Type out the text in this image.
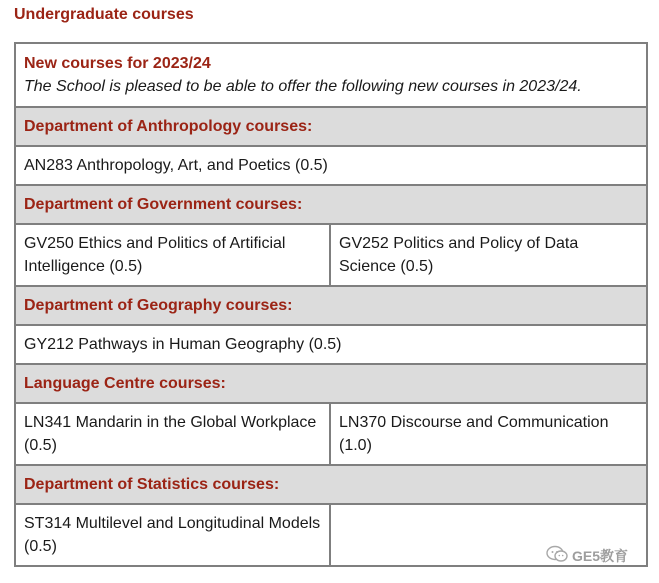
Undergraduate courses
New courses for 2023/24
The School is pleased to be able to offer the following new courses in 2023/24.	

Department of Anthropology courses:	
AN283 Anthropology, Art, and Poetics (0.5)	
Department of Government courses:	
GV250 Ethics and Politics of Artificial Intelligence (0.5)	GV252 Politics and Policy of Data Science (0.5)
Department of Geography courses:	
GY212 Pathways in Human Geography (0.5)	
Language Centre courses:	
LN341 Mandarin in the Global Workplace (0.5)	LN370 Discourse and Communication (1.0)
Department of Statistics courses:	
ST314 Multilevel and Longitudinal Models (0.5)	
GE5教育
